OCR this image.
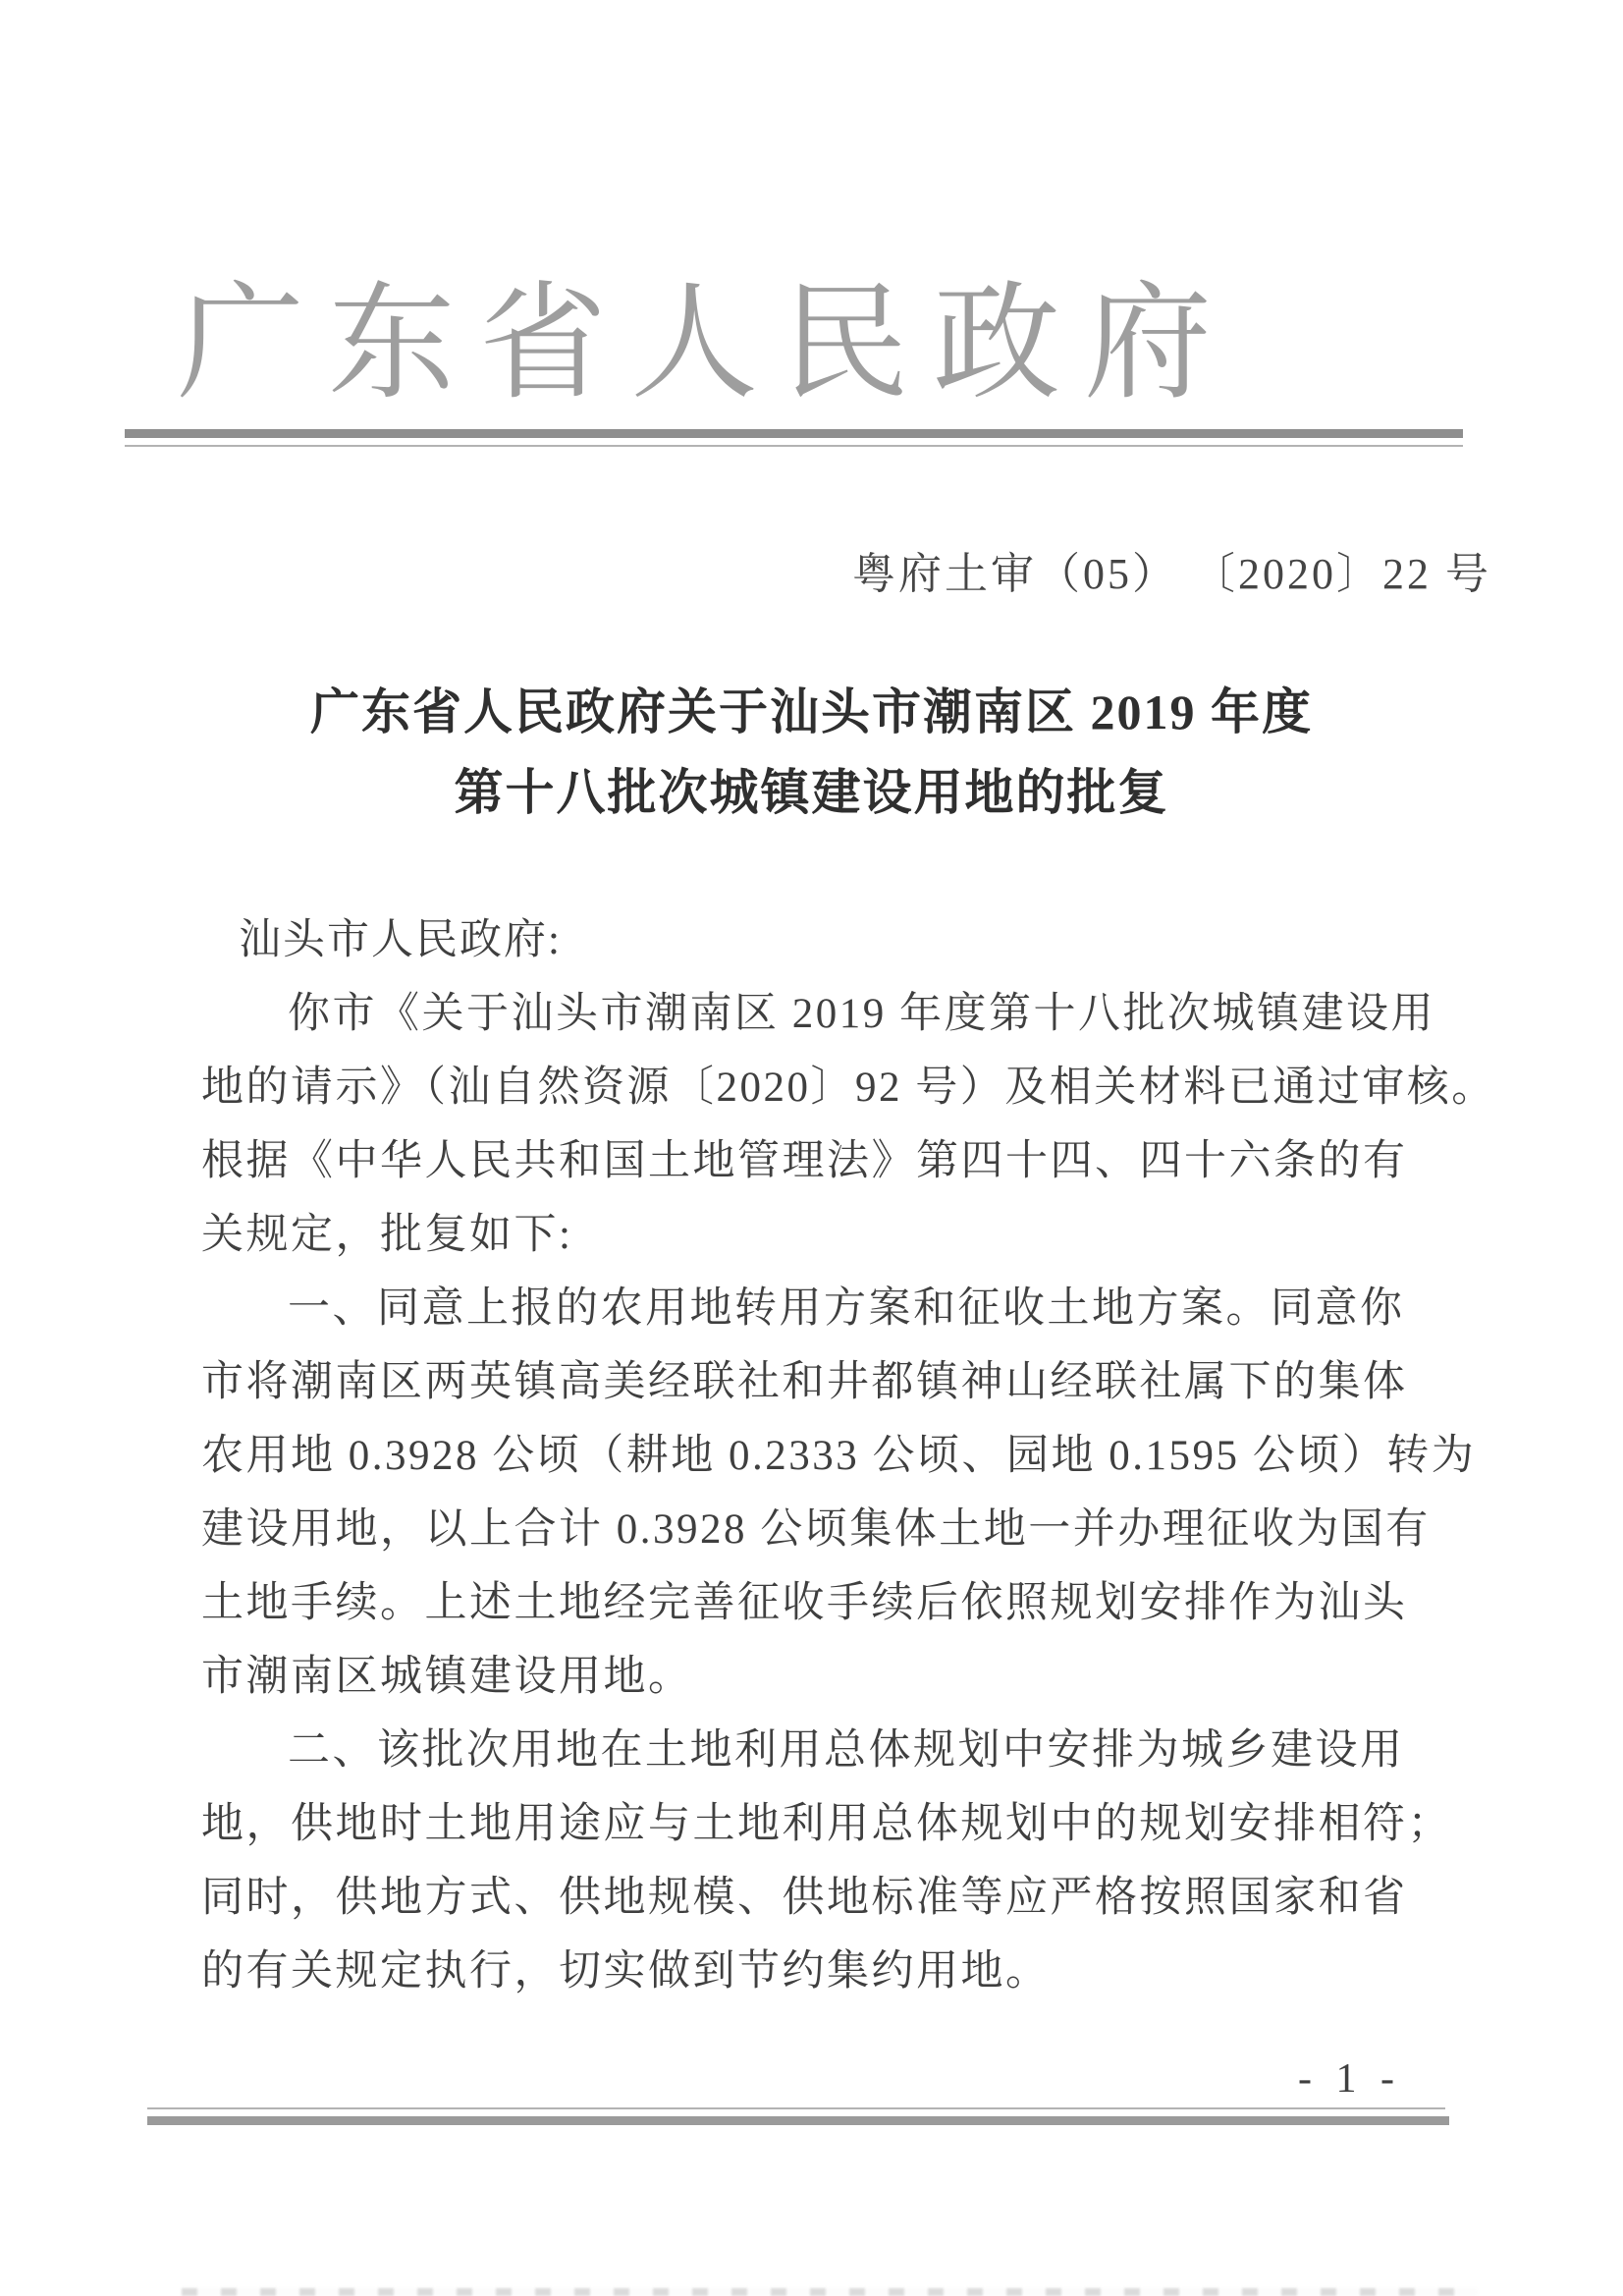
广东省人民政府
粤府土审（05） 〔2020〕22 号
广东省人民政府关于汕头市潮南区 2019 年度
第十八批次城镇建设用地的批复
汕头市人民政府:

你市《关于汕头市潮南区 2019 年度第十八批次城镇建设用

地的请示》（汕自然资源〔2020〕92 号）及相关材料已通过审核。

根据《中华人民共和国土地管理法》第四十四、四十六条的有

关规定，批复如下:

一、同意上报的农用地转用方案和征收土地方案。同意你

市将潮南区两英镇高美经联社和井都镇神山经联社属下的集体

农用地 0.3928 公顷（耕地 0.2333 公顷、园地 0.1595 公顷）转为

建设用地，以上合计 0.3928 公顷集体土地一并办理征收为国有

土地手续。上述土地经完善征收手续后依照规划安排作为汕头

市潮南区城镇建设用地。

二、该批次用地在土地利用总体规划中安排为城乡建设用

地，供地时土地用途应与土地利用总体规划中的规划安排相符；

同时，供地方式、供地规模、供地标准等应严格按照国家和省

的有关规定执行，切实做到节约集约用地。

- 1 -
